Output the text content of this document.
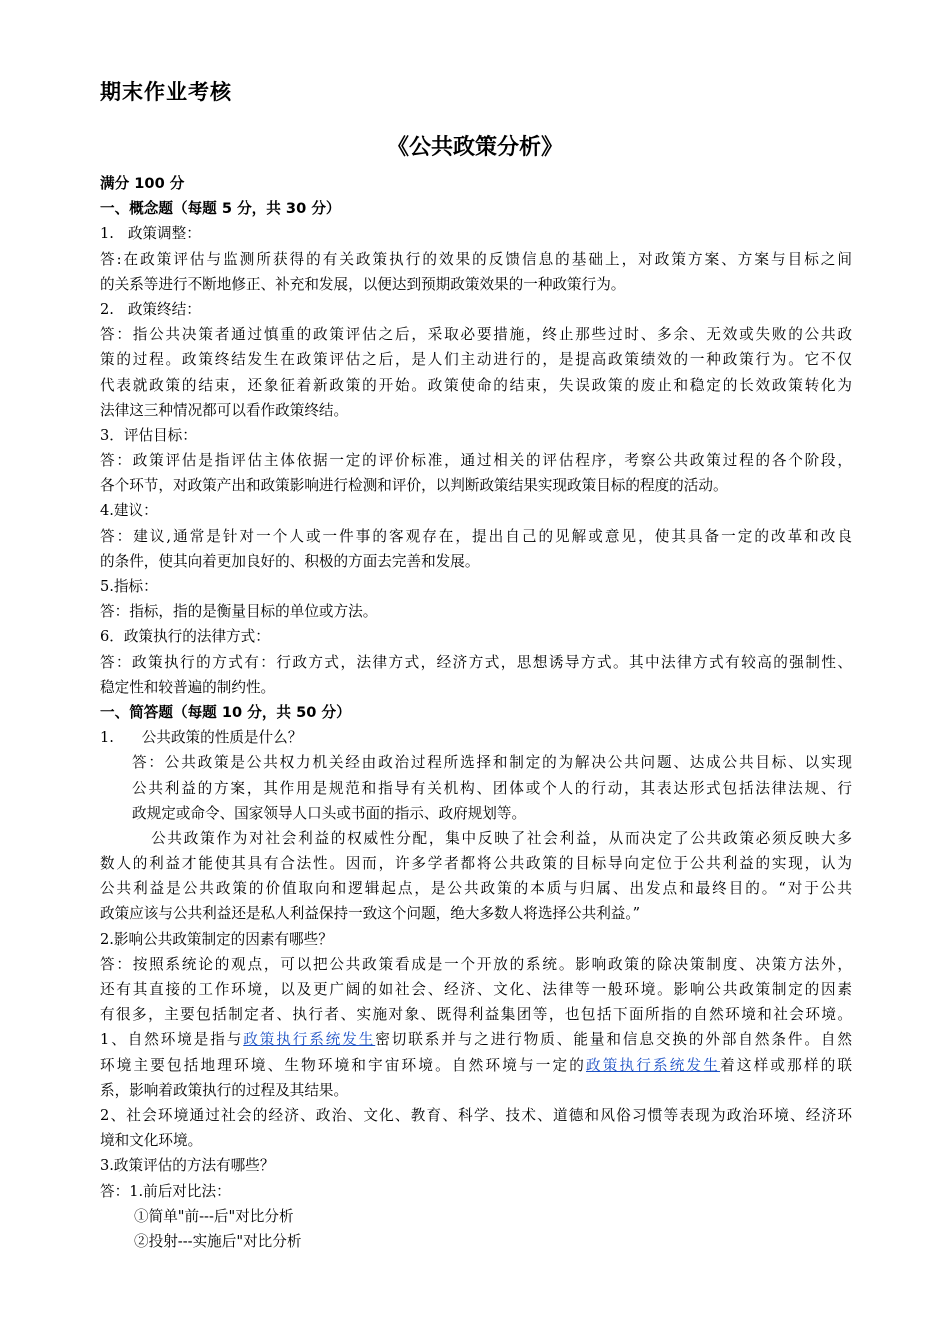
期末作业考核
《公共政策分析》
满分 100 分
一、概念题（每题 5 分，共 30 分）
1.   政策调整：
答:在政策评估与监测所获得的有关政策执行的效果的反馈信息的基础上，对政策方案、方案与目标之间
的关系等进行不断地修正、补充和发展，以便达到预期政策效果的一种政策行为。
2.   政策终结：
答：指公共决策者通过慎重的政策评估之后，采取必要措施，终止那些过时、多余、无效或失败的公共政
策的过程。政策终结发生在政策评估之后，是人们主动进行的，是提高政策绩效的一种政策行为。它不仅
代表就政策的结束，还象征着新政策的开始。政策使命的结束，失误政策的废止和稳定的长效政策转化为
法律这三种情况都可以看作政策终结。
3．评估目标：
答：政策评估是指评估主体依据一定的评价标准，通过相关的评估程序，考察公共政策过程的各个阶段，
各个环节，对政策产出和政策影响进行检测和评价，以判断政策结果实现政策目标的程度的活动。
4.建议：
答：建议,通常是针对一个人或一件事的客观存在，提出自己的见解或意见，使其具备一定的改革和改良
的条件，使其向着更加良好的、积极的方面去完善和发展。
5.指标：
答：指标，指的是衡量目标的单位或方法。
6．政策执行的法律方式：
答：政策执行的方式有：行政方式，法律方式，经济方式，思想诱导方式。其中法律方式有较高的强制性、
稳定性和较普遍的制约性。
一、简答题（每题 10 分，共 50 分）
1.      公共政策的性质是什么？
答：公共政策是公共权力机关经由政治过程所选择和制定的为解决公共问题、达成公共目标、以实现
公共利益的方案，其作用是规范和指导有关机构、团体或个人的行动，其表达形式包括法律法规、行
政规定或命令、国家领导人口头或书面的指示、政府规划等。
公共政策作为对社会利益的权威性分配，集中反映了社会利益，从而决定了公共政策必须反映大多
数人的利益才能使其具有合法性。因而，许多学者都将公共政策的目标导向定位于公共利益的实现，认为
公共利益是公共政策的价值取向和逻辑起点，是公共政策的本质与归属、出发点和最终目的。“对于公共
政策应该与公共利益还是私人利益保持一致这个问题，绝大多数人将选择公共利益。”
2.影响公共政策制定的因素有哪些？
答：按照系统论的观点，可以把公共政策看成是一个开放的系统。影响政策的除决策制度、决策方法外，
还有其直接的工作环境，以及更广阔的如社会、经济、文化、法律等一般环境。影响公共政策制定的因素
有很多，主要包括制定者、执行者、实施对象、既得利益集团等，也包括下面所指的自然环境和社会环境。
1、自然环境是指与政策执行系统发生密切联系并与之进行物质、能量和信息交换的外部自然条件。自然
环境主要包括地理环境、生物环境和宇宙环境。自然环境与一定的政策执行系统发生着这样或那样的联
系，影响着政策执行的过程及其结果。
2、社会环境通过社会的经济、政治、文化、教育、科学、技术、道德和风俗习惯等表现为政治环境、经济环
境和文化环境。
3.政策评估的方法有哪些？
答：1.前后对比法：
①简单"前---后"对比分析
②投射---实施后"对比分析
